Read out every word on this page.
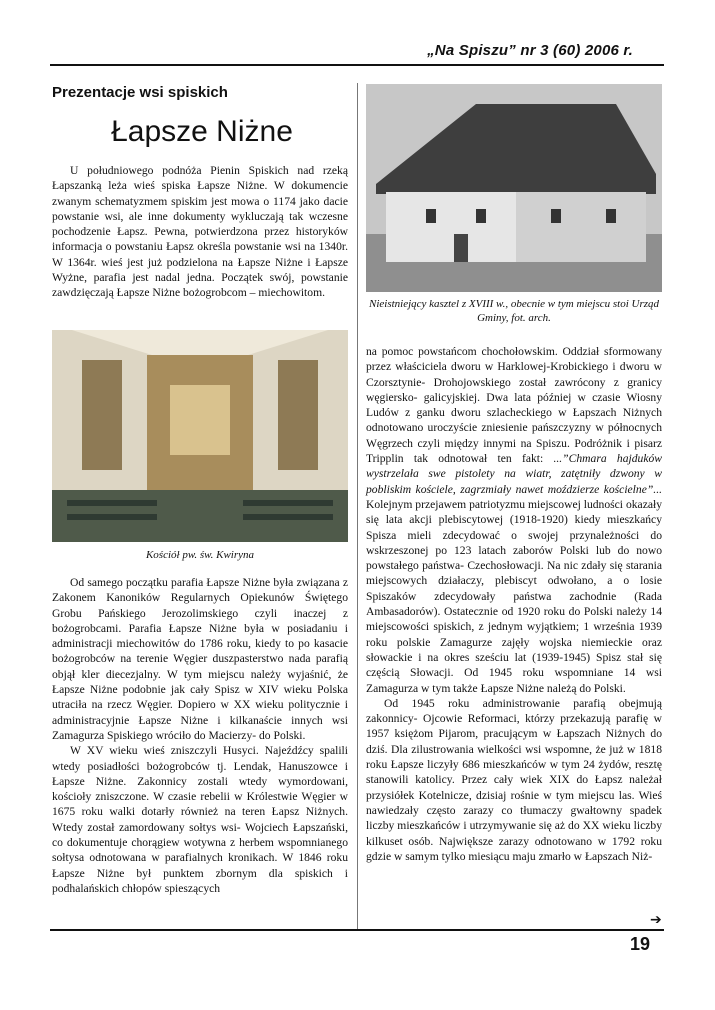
„Na Spiszu” nr 3 (60) 2006 r.
Prezentacje wsi spiskich
Łapsze Niżne

U południowego podnóża Pienin Spiskich nad rzeką Łapszanką leża wieś spiska Łapsze Niżne. W dokumencie zwanym schematyzmem spiskim jest mowa o 1174 jako dacie powstanie wsi, ale inne dokumenty wykluczają tak wczesne pochodzenie Łapsz. Pewna, potwierdzona przez historyków informacja o powstaniu Łapsz określa powstanie wsi na 1340r. W 1364r. wieś jest już podzielona na Łapsze Niżne i Łapsze Wyżne, parafia jest nadal jedna. Początek swój, powstanie zawdzięczają Łapsze Niżne bożogrobcom – miechowitom.

Kościół pw. św. Kwiryna
Nieistniejący kasztel z XVIII w., obecnie w tym miejscu stoi Urząd Gminy, fot. arch.

Od samego początku parafia Łapsze Niżne była związana z Zakonem Kanoników Regularnych Opiekunów Świętego Grobu Pańskiego Jerozolimskiego czyli inaczej z bożogrobcami. Parafia Łapsze Niżne była w posiadaniu i administracji miechowitów do 1786 roku, kiedy to po kasacie bożogrobców na terenie Węgier duszpasterstwo nada parafią objął kler diecezjalny. W tym miejscu należy wyjaśnić, że Łapsze Niżne podobnie jak cały Spisz w XIV wieku Polska utraciła na rzecz Węgier. Dopiero w XX wieku politycznie i administracyjnie Łapsze Niżne i kilkanaście innych wsi Zamagurza Spiskiego wróciło do Macierzy- do Polski.

W XV wieku wieś zniszczyli Husyci. Najeźdźcy spalili wtedy posiadłości bożogrobców tj. Lendak, Hanuszowce i Łapsze Niżne. Zakonnicy zostali wtedy wymordowani, kościoły zniszczone. W czasie rebelii w Królestwie Węgier w 1675 roku walki dotarły również na teren Łapsz Niżnych. Wtedy został zamordowany sołtys wsi- Wojciech Łapszański, co dokumentuje chorągiew wotywna z herbem wspomnianego sołtysa odnotowana w parafialnych kronikach. W 1846 roku Łapsze Niżne był punktem zbornym dla spiskich i podhalańskich chłopów spieszących

na pomoc powstańcom chochołowskim. Oddział sformowany przez właściciela dworu w Harklowej-Krobickiego i dworu w Czorsztynie- Drohojowskiego został zawrócony z granicy węgiersko- galicyjskiej. Dwa lata później w czasie Wiosny Ludów z ganku dworu szlacheckiego w Łapszach Niżnych odnotowano uroczyście zniesienie pańszczyzny w północnych Węgrzech czyli między innymi na Spiszu. Podróżnik i pisarz Tripplin tak odnotował ten fakt: ...”Chmara hajduków wystrzelała swe pistolety na wiatr, zatętniły dzwony w pobliskim kościele, zagrzmiały nawet moździerze kościelne”... Kolejnym przejawem patriotyzmu miejscowej ludności okazały się lata akcji plebiscytowej (1918-1920) kiedy mieszkańcy Spisza mieli zdecydować o swojej przynależności do wskrzeszonej po 123 latach zaborów Polski lub do nowo powstałego państwa- Czechosłowacji. Na nic zdały się starania miejscowych działaczy, plebiscyt odwołano, a o losie Spiszaków zdecydowały państwa zachodnie (Rada Ambasadorów). Ostatecznie od 1920 roku do Polski należy 14 miejscowości spiskich, z jednym wyjątkiem; 1 września 1939 roku polskie Zamagurze zajęły wojska niemieckie oraz słowackie i na okres sześciu lat (1939-1945) Spisz stał się częścią Słowacji. Od 1945 roku wspomniane 14 wsi Zamagurza w tym także Łapsze Niżne należą do Polski.

Od 1945 roku administrowanie parafią obejmują zakonnicy- Ojcowie Reformaci, którzy przekazują parafię w 1957 księżom Pijarom, pracującym w Łapszach Niżnych do dziś. Dla zilustrowania wielkości wsi wspomne, że już w 1818 roku Łapsze liczyły 686 mieszkańców w tym 24 żydów, resztę stanowili katolicy. Przez cały wiek XIX do Łapsz należał przysiółek Kotelnicze, dzisiaj rośnie w tym miejscu las. Wieś nawiedzały często zarazy co tłumaczy gwałtowny spadek liczby mieszkańców i utrzymywanie się aż do XX wieku liczby kilkuset osób. Największe zarazy odnotowano w 1792 roku gdzie w samym tylko miesiącu maju zmarło w Łapszach Niż-

➔
19
